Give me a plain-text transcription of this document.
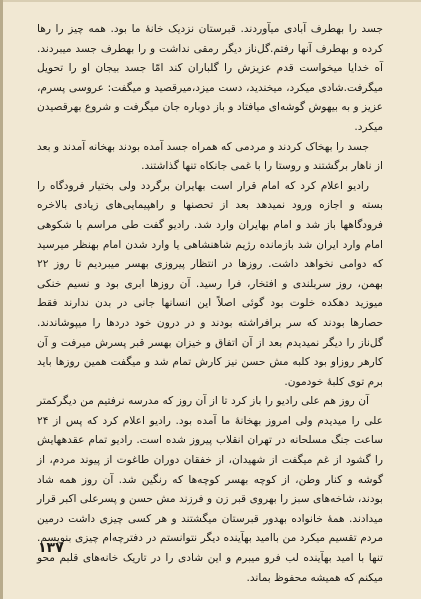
جسد را بهطرف آبادی میآوردند. قبرستان نزدیک خانهٔ ما بود. همه چیز را رها کرده و بهطرف آنها رفتم.گل‌ناز دیگر رمقی نداشت و را بهطرف جسد میبردند. آه خدایا میخواست قدم عزیزش را گلباران کند امّا جسد بیجان او را تحویل میگرفت.شادی میکرد، میخندید، دست میزد،میرقصید و میگفت: عروسی پسرم، عزیز و به بیهوش گوشه‌ای میافتاد و باز دوباره جان میگرفت و شروع بهرقصیدن میکرد.

جسد را بهخاک کردند و مردمی که همراه جسد آمده بودند بهخانه آمدند و بعد از ناهار برگشتند و روستا را با غمی جانکاه تنها گذاشتند.

رادیو اعلام کرد که امام قرار است بهایران برگردد ولی بختیار فرودگاه را بسته و اجازه ورود نمیدهد بعد از تحصنها و راهپیمایی‌های زیادی بالاخره فرودگاهها باز شد و امام بهایران وارد شد. رادیو گفت طی مراسم با شکوهی امام وارد ایران شد بازمانده رژیم شاهنشاهی یا وارد شدن امام بهنظر میرسید که دوامی نخواهد داشت. روزها در انتظار پیروزی بهسر میبردیم تا روز ۲۲ بهمن، روز سربلندی و افتخار، فرا رسید. آن روزها ابری بود و نسیم خنکی میوزید دهکده خلوت بود گوئی اصلاً این انسانها جانی در بدن ندارند فقط حصارها بودند که سر برافراشته بودند و در درون خود دردها را میپوشاندند. گل‌ناز را دیگر نمیدیدم بعد از آن اتفاق و خیزان بهسر قبر پسرش میرفت و آن کارهر روزاو بود کلبه مش حسن نیز کارش تمام شد و میگفت همین روزها باید برم توی کلبهٔ خودمون.

آن روز هم علی رادیو را باز کرد تا از آن روز که مدرسه نرفتیم من دیگرکمتر علی را میدیدم ولی امروز بهخانهٔ ما آمده بود. رادیو اعلام کرد که پس از ۲۴ ساعت جنگ مسلحانه در تهران انقلاب پیروز شده است. رادیو تمام عقدههایش را گشود از غم میگفت از شهیدان، از خفقان دوران طاغوت از پیوند مردم، از گوشه و کنار وطن، از کوچه بهسر کوچه‌ها که رنگین شد. آن روز همه شاد بودند، شاخه‌های سبز را بهروی قبر زن و فرزند مش حسن و پسرعلی اکبر قرار میدادند. همهٔ خانواده بهدور قبرستان میگشتند و هر کسی چیزی داشت درمین مردم تقسیم میکرد من باامید بهآینده دیگر نتوانستم در دفترچه‌ام چیزی بنویسم. تنها با امید بهآینده لب فرو میبرم و این شادی را در تاریک خانه‌های قلبم محو میکنم که همیشه محفوظ بماند.

۱۳۷
